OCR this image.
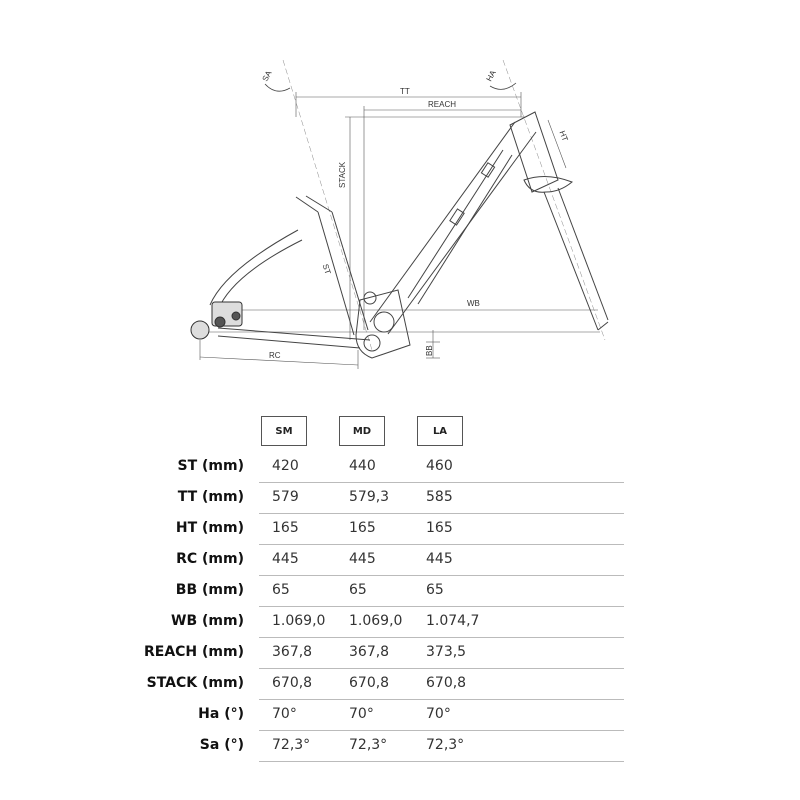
SA	HA
TT
REACH
HT
STACK
ST
WB
BB
RC
SM	MD	LA
ST (mm) 420	440	460
TT (mm) 579	579,3	585
HT (mm) 165	165	165
RC (mm) 445	445	445
BB (mm) 65	65	65
WB (mm) 1.069,0 1.069,0 1.074,7
REACH (mm) 367,8	367,8	373,5
STACK (mm) 670,8	670,8	670,8
Ha (°) 70°	70°	70°
Sa (°) 72,3°	72,3°	72,3°
